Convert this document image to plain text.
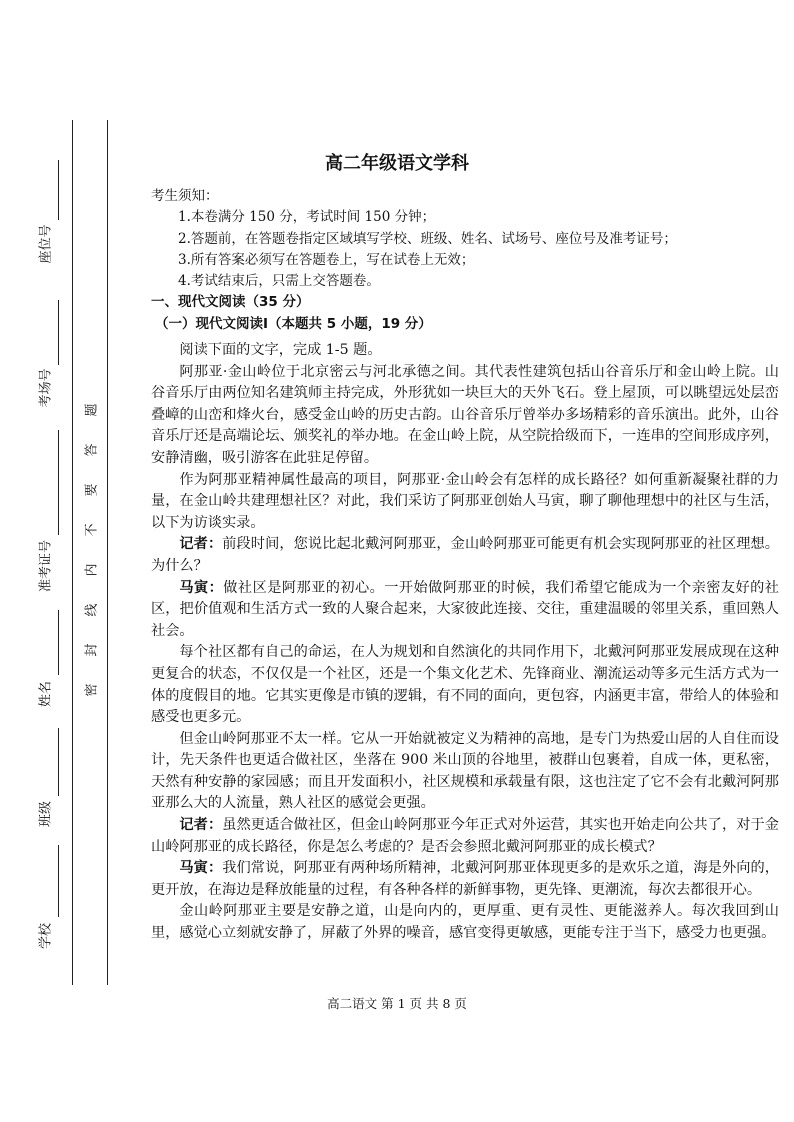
座位号
考场号
准考证号
姓名
班级
学校
密
封
线
内
不
要
答
题
高二年级语文学科
考生须知：
1.本卷满分 150 分，考试时间 150 分钟；
2.答题前，在答题卷指定区域填写学校、班级、姓名、试场号、座位号及准考证号；
3.所有答案必须写在答题卷上，写在试卷上无效；
4.考试结束后，只需上交答题卷。
一、现代文阅读（35 分）
（一）现代文阅读Ⅰ（本题共 5 小题，19 分）

阅读下面的文字，完成 1-5 题。

阿那亚·金山岭位于北京密云与河北承德之间。其代表性建筑包括山谷音乐厅和金山岭上院。山谷音乐厅由两位知名建筑师主持完成，外形犹如一块巨大的天外飞石。登上屋顶，可以眺望远处层峦叠嶂的山峦和烽火台，感受金山岭的历史古韵。山谷音乐厅曾举办多场精彩的音乐演出。此外，山谷音乐厅还是高端论坛、颁奖礼的举办地。在金山岭上院，从空院拾级而下，一连串的空间形成序列，安静清幽，吸引游客在此驻足停留。

作为阿那亚精神属性最高的项目，阿那亚·金山岭会有怎样的成长路径？如何重新凝聚社群的力量，在金山岭共建理想社区？对此，我们采访了阿那亚创始人马寅，聊了聊他理想中的社区与生活，以下为访谈实录。

记者：前段时间，您说比起北戴河阿那亚，金山岭阿那亚可能更有机会实现阿那亚的社区理想。为什么？

马寅：做社区是阿那亚的初心。一开始做阿那亚的时候，我们希望它能成为一个亲密友好的社区，把价值观和生活方式一致的人聚合起来，大家彼此连接、交往，重建温暖的邻里关系，重回熟人社会。

每个社区都有自己的命运，在人为规划和自然演化的共同作用下，北戴河阿那亚发展成现在这种更复合的状态，不仅仅是一个社区，还是一个集文化艺术、先锋商业、潮流运动等多元生活方式为一体的度假目的地。它其实更像是市镇的逻辑，有不同的面向，更包容，内涵更丰富，带给人的体验和感受也更多元。

但金山岭阿那亚不太一样。它从一开始就被定义为精神的高地，是专门为热爱山居的人自住而设计，先天条件也更适合做社区，坐落在 900 米山顶的谷地里，被群山包裹着，自成一体，更私密，天然有种安静的家园感；而且开发面积小，社区规模和承载量有限，这也注定了它不会有北戴河阿那亚那么大的人流量，熟人社区的感觉会更强。

记者：虽然更适合做社区，但金山岭阿那亚今年正式对外运营，其实也开始走向公共了，对于金山岭阿那亚的成长路径，你是怎么考虑的？是否会参照北戴河阿那亚的成长模式？

马寅：我们常说，阿那亚有两种场所精神，北戴河阿那亚体现更多的是欢乐之道，海是外向的，更开放，在海边是释放能量的过程，有各种各样的新鲜事物，更先锋、更潮流，每次去都很开心。

金山岭阿那亚主要是安静之道，山是向内的，更厚重、更有灵性、更能滋养人。每次我回到山里，感觉心立刻就安静了，屏蔽了外界的噪音，感官变得更敏感，更能专注于当下，感受力也更强。

高二语文 第 1 页 共 8 页
